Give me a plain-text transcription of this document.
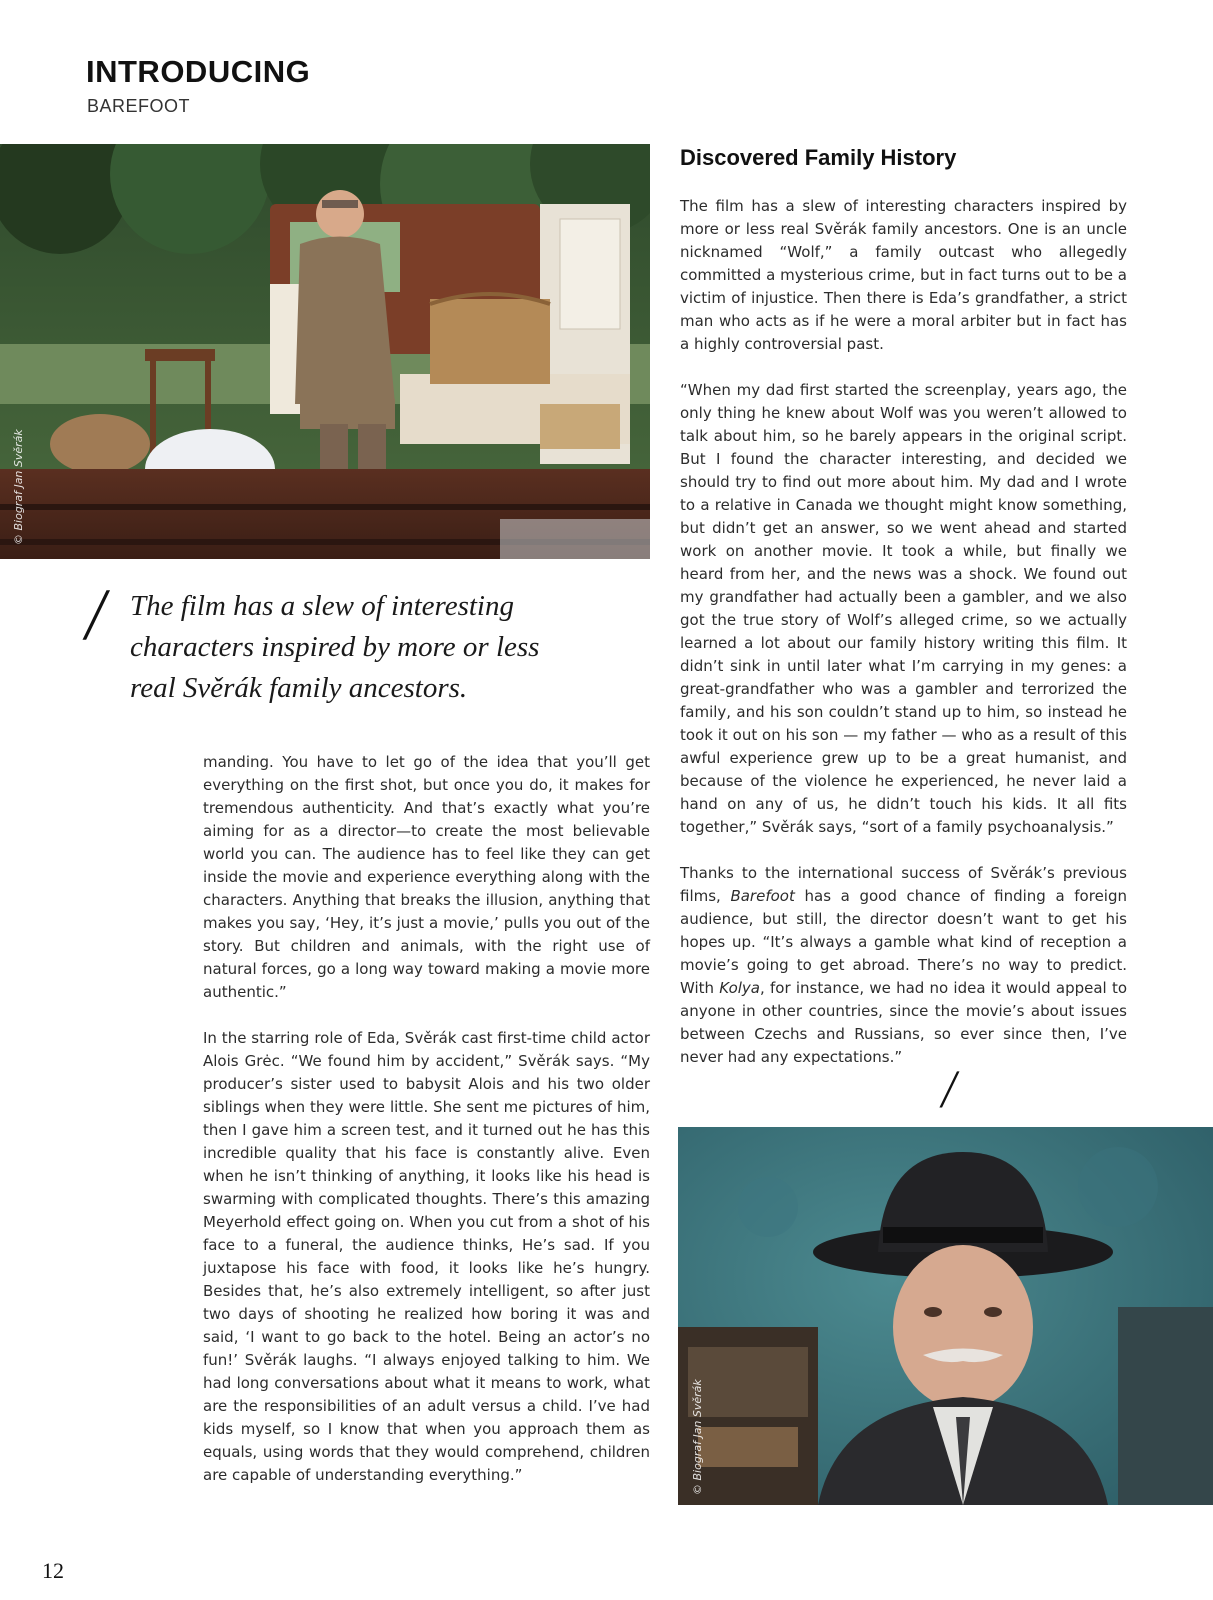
INTRODUCING
BAREFOOT
© Biograf Jan Svěrák
/ The film has a slew of interesting
characters inspired by more or less
real Svěrák family ancestors.

manding. You have to let go of the idea that you’ll get everything on the first shot, but once you do, it makes for tremendous authenticity. And that’s exactly what you’re aiming for as a director—to create the most believable world you can. The audience has to feel like they can get inside the movie and experience everything along with the characters. Anything that breaks the illusion, anything that makes you say, ‘Hey, it’s just a movie,’ pulls you out of the story. But children and animals, with the right use of natural forces, go a long way toward making a movie more authentic.”

In the starring role of Eda, Svěrák cast first-time child actor Alois Grėc. “We found him by accident,” Svěrák says. “My producer’s sister used to babysit Alois and his two older siblings when they were little. She sent me pictures of him, then I gave him a screen test, and it turned out he has this incredible quality that his face is constantly alive. Even when he isn’t thinking of anything, it looks like his head is swarming with complicated thoughts. There’s this amazing Meyerhold effect going on. When you cut from a shot of his face to a funeral, the audience thinks, He’s sad. If you juxtapose his face with food, it looks like he’s hungry. Besides that, he’s also extremely intelligent, so after just two days of shooting he realized how boring it was and said, ‘I want to go back to the hotel. Being an actor’s no fun!’ Svěrák laughs. “I always enjoyed talking to him. We had long conversations about what it means to work, what are the responsibilities of an adult versus a child. I’ve had kids myself, so I know that when you approach them as equals, using words that they would comprehend, children are capable of understanding everything.”

Discovered Family History

The film has a slew of interesting characters inspired by more or less real Svěrák family ancestors. One is an uncle nicknamed “Wolf,” a family outcast who allegedly committed a mysterious crime, but in fact turns out to be a victim of injustice. Then there is Eda’s grandfather, a strict man who acts as if he were a moral arbiter but in fact has a highly controversial past.

“When my dad first started the screenplay, years ago, the only thing he knew about Wolf was you weren’t allowed to talk about him, so he barely appears in the original script. But I found the character interesting, and decided we should try to find out more about him. My dad and I wrote to a relative in Canada we thought might know something, but didn’t get an answer, so we went ahead and started work on another movie. It took a while, but finally we heard from her, and the news was a shock. We found out my grandfather had actually been a gambler, and we also got the true story of Wolf’s alleged crime, so we actually learned a lot about our family history writing this film. It didn’t sink in until later what I’m carrying in my genes: a great-grandfather who was a gambler and terrorized the family, and his son couldn’t stand up to him, so instead he took it out on his son — my father — who as a result of this awful experience grew up to be a great humanist, and because of the violence he experienced, he never laid a hand on any of us, he didn’t touch his kids. It all fits together,” Svěrák says, “sort of a family psychoanalysis.”

Thanks to the international success of Svěrák’s previous films, Barefoot has a good chance of finding a foreign audience, but still, the director doesn’t want to get his hopes up. “It’s always a gamble what kind of reception a movie’s going to get abroad. There’s no way to predict. With Kolya, for instance, we had no idea it would appeal to anyone in other countries, since the movie’s about issues between Czechs and Russians, so ever since then, I’ve never had any expectations.”

/
© Biograf Jan Svěrák
12
